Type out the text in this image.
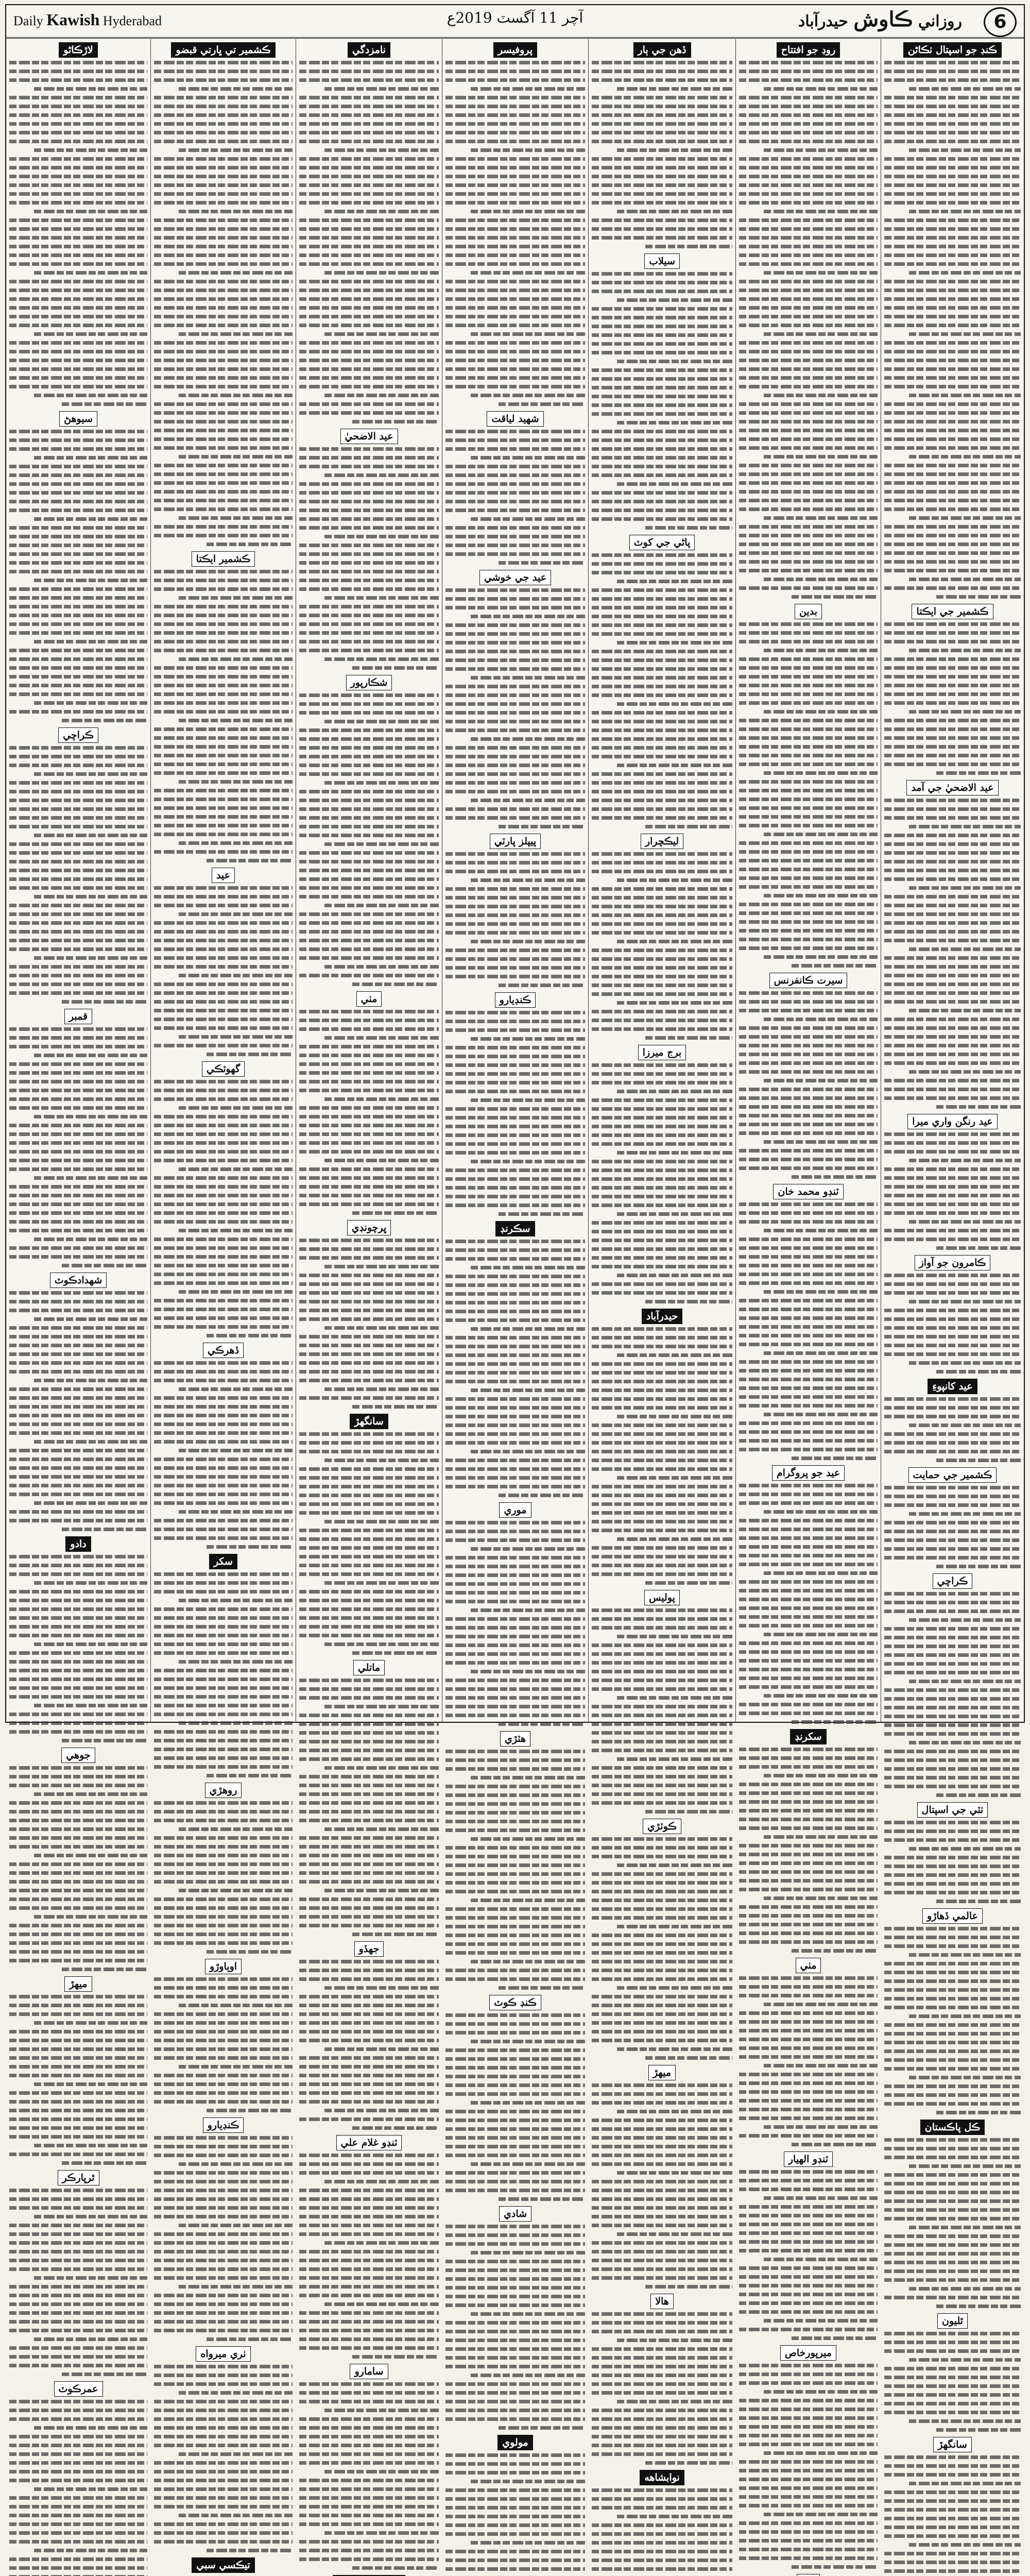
Daily Kawish Hyderabad	آچر 11 آگسٽ 2019ع	روزاني ڪاوش حيدرآباد	6
ڪنڊ جو اسپتال ٺڪاڻن
ڪشمير جي ايڪتا
عيد الاضحيٰ جي آمد
عيد رنگن واري ميرا
ڪامرون جو آواز
عيد کانپوءِ
ڪشمير جي حمايت
ڪراچي
ٺٽي جي اسپتال
عالمي ڏهاڙو
ڪل پاڪستان
ٿليون
سانگهڙ
روڊ جو افتتاح
بدين
سيرت ڪانفرنس
ٽنڊو محمد خان
عيد جو پروگرام
سکرنڊ
مٺي
ٽنڊو الهيار
ميرپورخاص
ڏهن جي ٻار
سيلاب
پاڻي جي کوٽ
ليڪچرار
برج ميرزا
حيدرآباد
پوليس
ڪوٽڙي
ميهڙ
هالا
نوابشاهه
پروفيسر
شهيد لياقت
عيد جي خوشي
پيپلز پارٽي
ڪنڊيارو
سڪرنڊ
موري
هٽڙي
ڪنڊ ڪوٽ
شادي
مولوي
نامزدگي
عيد الاضحيٰ
شڪارپور
مٺي
ڀرچونڊي
سانگهڙ
ماتلي
جهڏو
ٽنڊو غلام علي
سامارو
ڪشمير تي ڀارتي قبضو
ڪشمير ايڪتا
عيد
گهوٽڪي
ڏهرڪي
سکر
روهڙي
اوٻاوڙو
ڪنڊيارو
ٺري ميرواه
تيڪسي سبي
لاڙڪاڻو
سيوهڻ
ڪراچي
قمبر
شهدادڪوٽ
دادو
جوهي
ميهڙ
ٿرپارڪر
عمرڪوٽ
